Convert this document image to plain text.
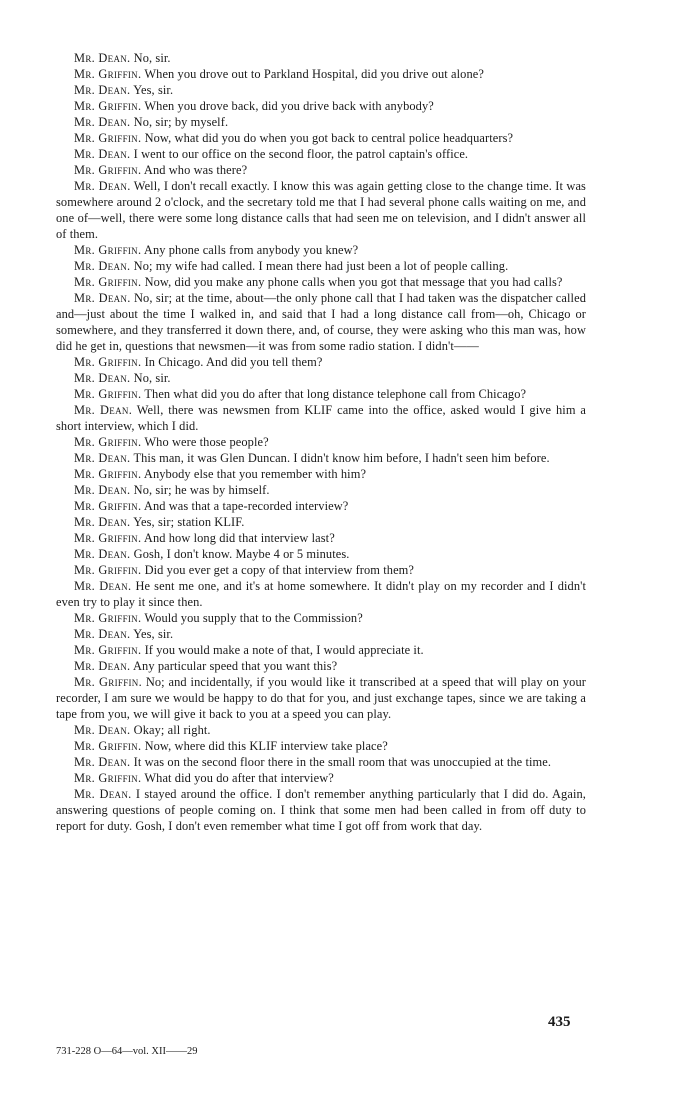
Mr. Dean. No, sir.

Mr. Griffin. When you drove out to Parkland Hospital, did you drive out alone?

Mr. Dean. Yes, sir.

Mr. Griffin. When you drove back, did you drive back with anybody?

Mr. Dean. No, sir; by myself.

Mr. Griffin. Now, what did you do when you got back to central police headquarters?

Mr. Dean. I went to our office on the second floor, the patrol captain's office.

Mr. Griffin. And who was there?

Mr. Dean. Well, I don't recall exactly. I know this was again getting close to the change time. It was somewhere around 2 o'clock, and the secretary told me that I had several phone calls waiting on me, and one of—well, there were some long distance calls that had seen me on television, and I didn't answer all of them.

Mr. Griffin. Any phone calls from anybody you knew?

Mr. Dean. No; my wife had called. I mean there had just been a lot of people calling.

Mr. Griffin. Now, did you make any phone calls when you got that message that you had calls?

Mr. Dean. No, sir; at the time, about—the only phone call that I had taken was the dispatcher called and—just about the time I walked in, and said that I had a long distance call from—oh, Chicago or somewhere, and they transferred it down there, and, of course, they were asking who this man was, how did he get in, questions that newsmen—it was from some radio station. I didn't——

Mr. Griffin. In Chicago. And did you tell them?

Mr. Dean. No, sir.

Mr. Griffin. Then what did you do after that long distance telephone call from Chicago?

Mr. Dean. Well, there was newsmen from KLIF came into the office, asked would I give him a short interview, which I did.

Mr. Griffin. Who were those people?

Mr. Dean. This man, it was Glen Duncan. I didn't know him before, I hadn't seen him before.

Mr. Griffin. Anybody else that you remember with him?

Mr. Dean. No, sir; he was by himself.

Mr. Griffin. And was that a tape-recorded interview?

Mr. Dean. Yes, sir; station KLIF.

Mr. Griffin. And how long did that interview last?

Mr. Dean. Gosh, I don't know. Maybe 4 or 5 minutes.

Mr. Griffin. Did you ever get a copy of that interview from them?

Mr. Dean. He sent me one, and it's at home somewhere. It didn't play on my recorder and I didn't even try to play it since then.

Mr. Griffin. Would you supply that to the Commission?

Mr. Dean. Yes, sir.

Mr. Griffin. If you would make a note of that, I would appreciate it.

Mr. Dean. Any particular speed that you want this?

Mr. Griffin. No; and incidentally, if you would like it transcribed at a speed that will play on your recorder, I am sure we would be happy to do that for you, and just exchange tapes, since we are taking a tape from you, we will give it back to you at a speed you can play.

Mr. Dean. Okay; all right.

Mr. Griffin. Now, where did this KLIF interview take place?

Mr. Dean. It was on the second floor there in the small room that was unoccupied at the time.

Mr. Griffin. What did you do after that interview?

Mr. Dean. I stayed around the office. I don't remember anything particularly that I did do. Again, answering questions of people coming on. I think that some men had been called in from off duty to report for duty. Gosh, I don't even remember what time I got off from work that day.

435
731-228 O—64—vol. XII——29
